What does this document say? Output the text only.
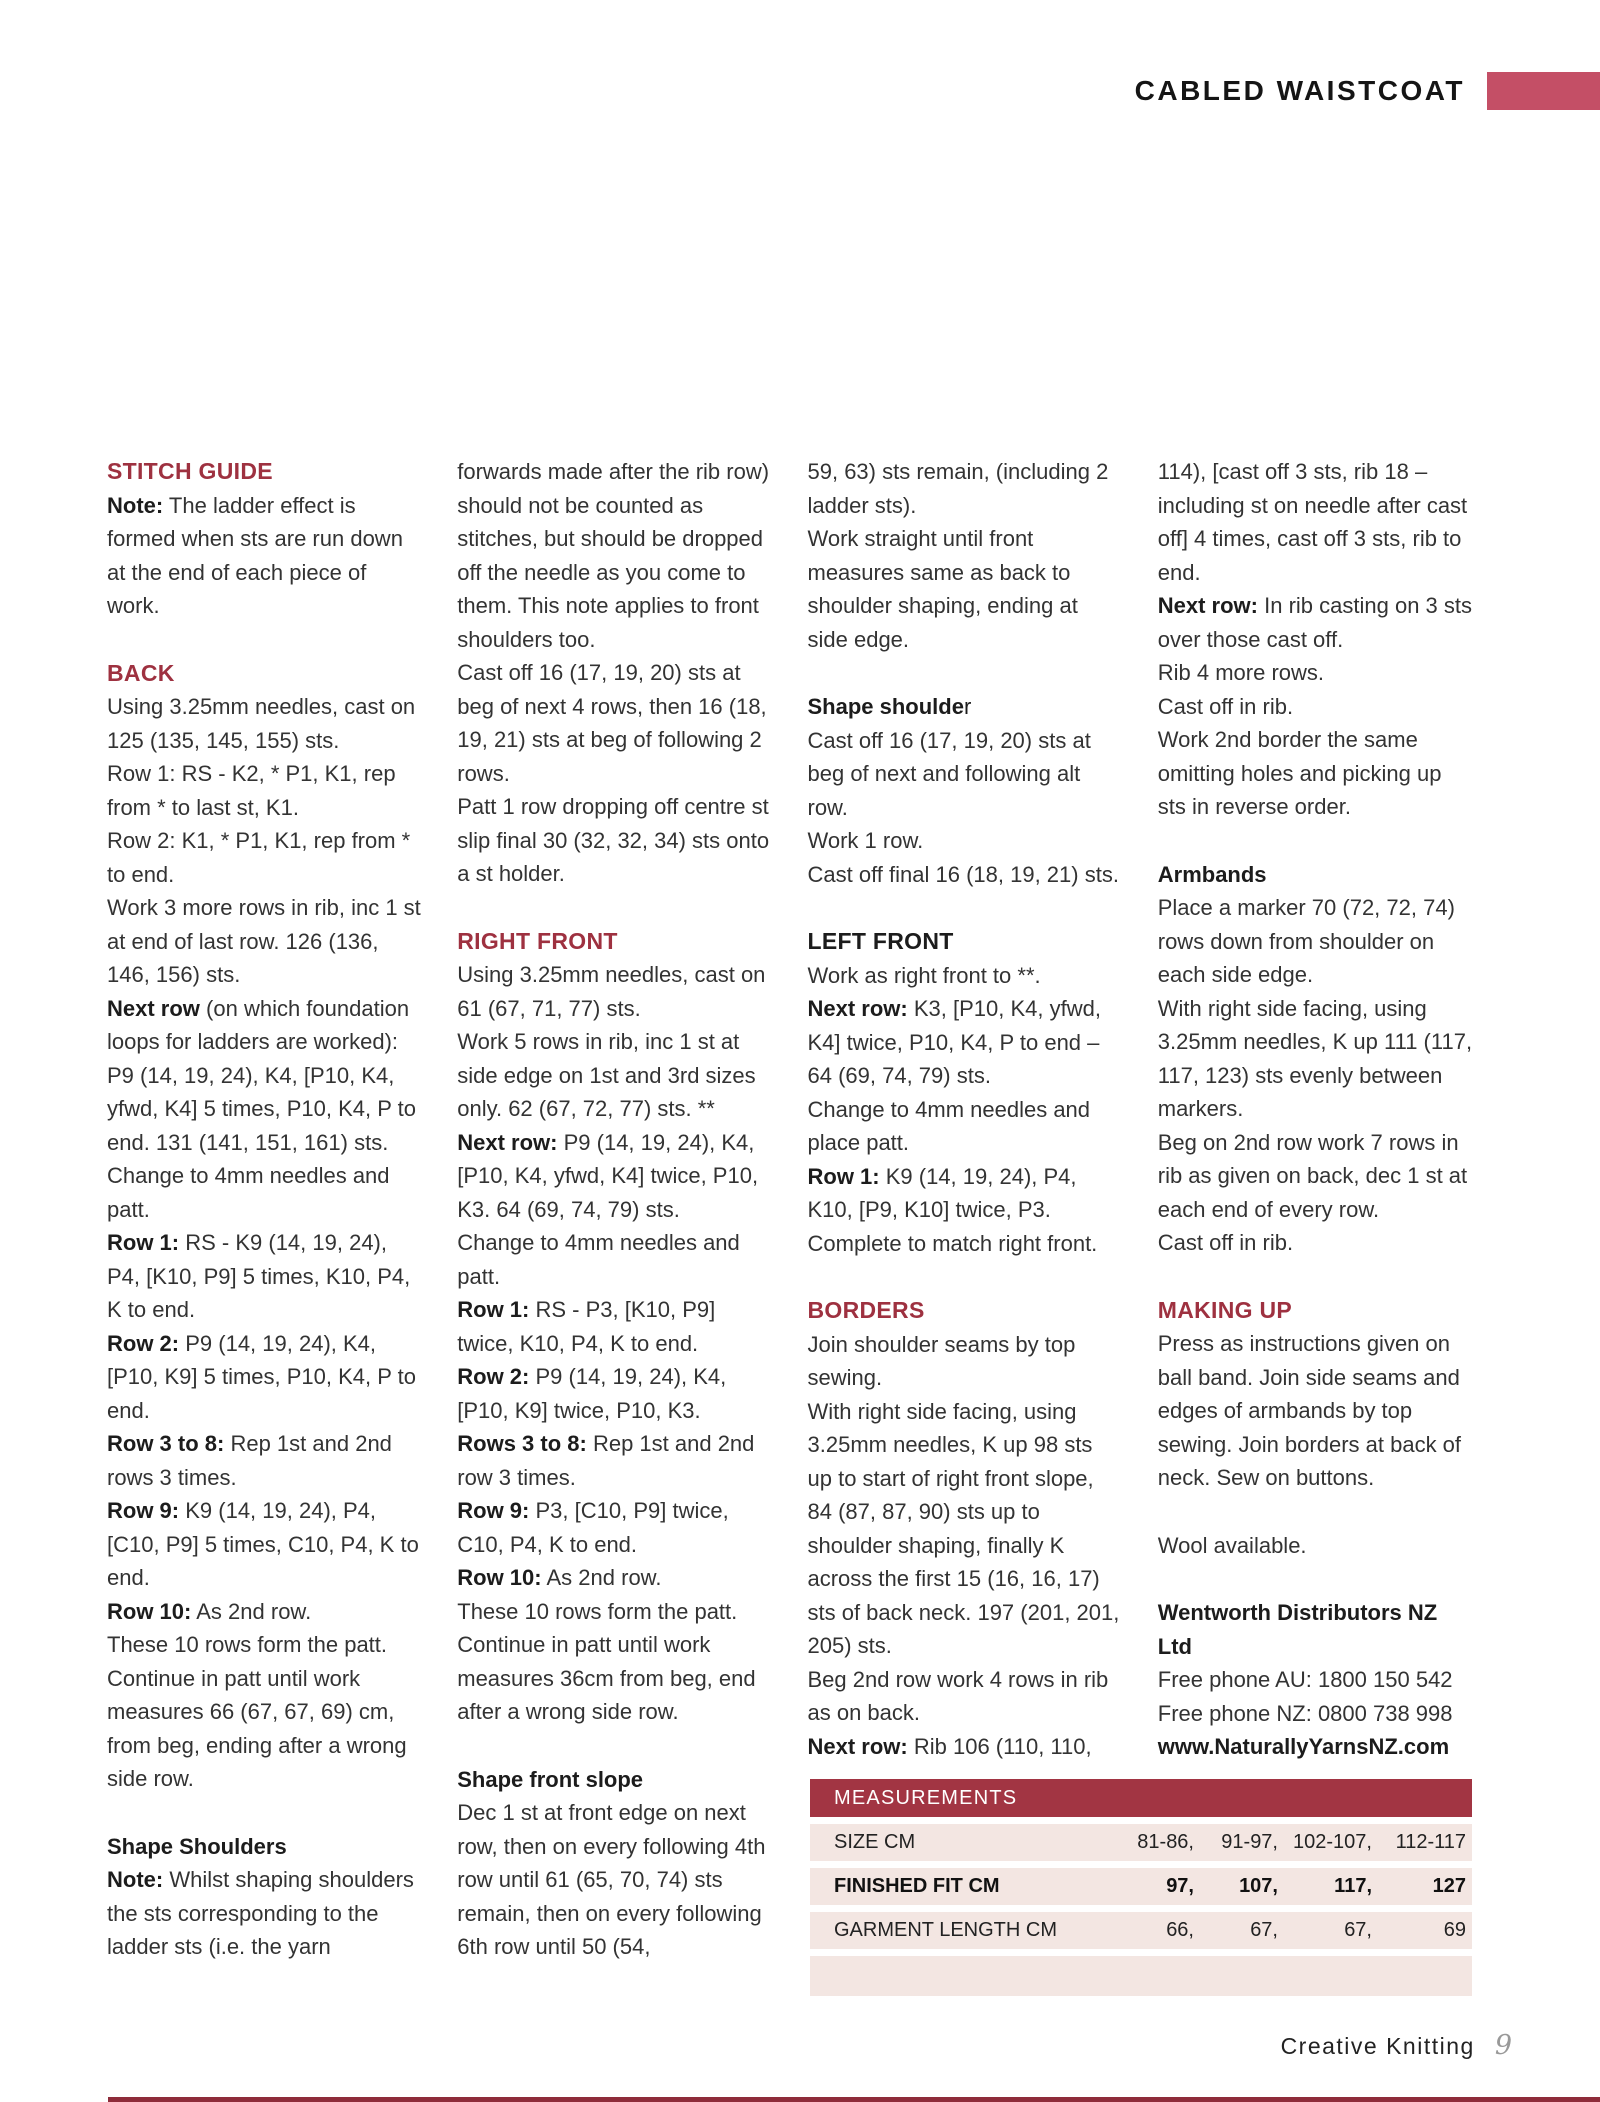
CABLED WAISTCOAT
STITCH GUIDE
Note: The ladder effect is formed when sts are run down at the end of each piece of work.
BACK
Using 3.25mm needles, cast on 125 (135, 145, 155) sts.
Row 1: RS - K2, * P1, K1, rep from * to last st, K1.
Row 2: K1, * P1, K1, rep from * to end.
Work 3 more rows in rib, inc 1 st at end of last row. 126 (136, 146, 156) sts.
Next row (on which foundation loops for ladders are worked): P9 (14, 19, 24), K4, [P10, K4, yfwd, K4] 5 times, P10, K4, P to end. 131 (141, 151, 161) sts.
Change to 4mm needles and patt.
Row 1: RS - K9 (14, 19, 24), P4, [K10, P9] 5 times, K10, P4, K to end.
Row 2: P9 (14, 19, 24), K4, [P10, K9] 5 times, P10, K4, P to end.
Row 3 to 8: Rep 1st and 2nd rows 3 times.
Row 9: K9 (14, 19, 24), P4, [C10, P9] 5 times, C10, P4, K to end.
Row 10: As 2nd row.
These 10 rows form the patt.
Continue in patt until work measures 66 (67, 67, 69) cm, from beg, ending after a wrong side row.
Shape Shoulders
Note: Whilst shaping shoulders the sts corresponding to the ladder sts (i.e. the yarn
forwards made after the rib row) should not be counted as stitches, but should be dropped off the needle as you come to them. This note applies to front shoulders too.
Cast off 16 (17, 19, 20) sts at beg of next 4 rows, then 16 (18, 19, 21) sts at beg of following 2 rows.
Patt 1 row dropping off centre st slip final 30 (32, 32, 34) sts onto a st holder.
RIGHT FRONT
Using 3.25mm needles, cast on 61 (67, 71, 77) sts.
Work 5 rows in rib, inc 1 st at side edge on 1st and 3rd sizes only. 62 (67, 72, 77) sts. **
Next row: P9 (14, 19, 24), K4, [P10, K4, yfwd, K4] twice, P10, K3. 64 (69, 74, 79) sts.
Change to 4mm needles and patt.
Row 1: RS - P3, [K10, P9] twice, K10, P4, K to end.
Row 2: P9 (14, 19, 24), K4, [P10, K9] twice, P10, K3.
Rows 3 to 8: Rep 1st and 2nd row 3 times.
Row 9: P3, [C10, P9] twice, C10, P4, K to end.
Row 10: As 2nd row.
These 10 rows form the patt.
Continue in patt until work measures 36cm from beg, end after a wrong side row.
Shape front slope
Dec 1 st at front edge on next row, then on every following 4th row until 61 (65, 70, 74) sts remain, then on every following 6th row until 50 (54,
59, 63) sts remain, (including 2 ladder sts).
Work straight until front measures same as back to shoulder shaping, ending at side edge.
Shape shoulder
Cast off 16 (17, 19, 20) sts at beg of next and following alt row.
Work 1 row.
Cast off final 16 (18, 19, 21) sts.
LEFT FRONT
Work as right front to **.
Next row: K3, [P10, K4, yfwd, K4] twice, P10, K4, P to end – 64 (69, 74, 79) sts.
Change to 4mm needles and place patt.
Row 1: K9 (14, 19, 24), P4, K10, [P9, K10] twice, P3.
Complete to match right front.
BORDERS
Join shoulder seams by top sewing.
With right side facing, using 3.25mm needles, K up 98 sts up to start of right front slope, 84 (87, 87, 90) sts up to shoulder shaping, finally K across the first 15 (16, 16, 17) sts of back neck. 197 (201, 201, 205) sts.
Beg 2nd row work 4 rows in rib as on back.
Next row: Rib 106 (110, 110,
114), [cast off 3 sts, rib 18 – including st on needle after cast off] 4 times, cast off 3 sts, rib to end.
Next row: In rib casting on 3 sts over those cast off.
Rib 4 more rows.
Cast off in rib.
Work 2nd border the same omitting holes and picking up sts in reverse order.
Armbands
Place a marker 70 (72, 72, 74) rows down from shoulder on each side edge.
With right side facing, using 3.25mm needles, K up 111 (117, 117, 123) sts evenly between markers.
Beg on 2nd row work 7 rows in rib as given on back, dec 1 st at each end of every row.
Cast off in rib.
MAKING UP
Press as instructions given on ball band. Join side seams and edges of armbands by top sewing. Join borders at back of neck. Sew on buttons.
Wool available.
Wentworth Distributors NZ Ltd
Free phone AU: 1800 150 542
Free phone NZ: 0800 738 998
www.NaturallyYarnsNZ.com
MEASUREMENTS
SIZE CM	81-86,	91-97, 102-107,	112-117
FINISHED FIT CM	97,	107,	117,	127
GARMENT LENGTH CM	66,	67,	67,	69
Creative Knitting 9
